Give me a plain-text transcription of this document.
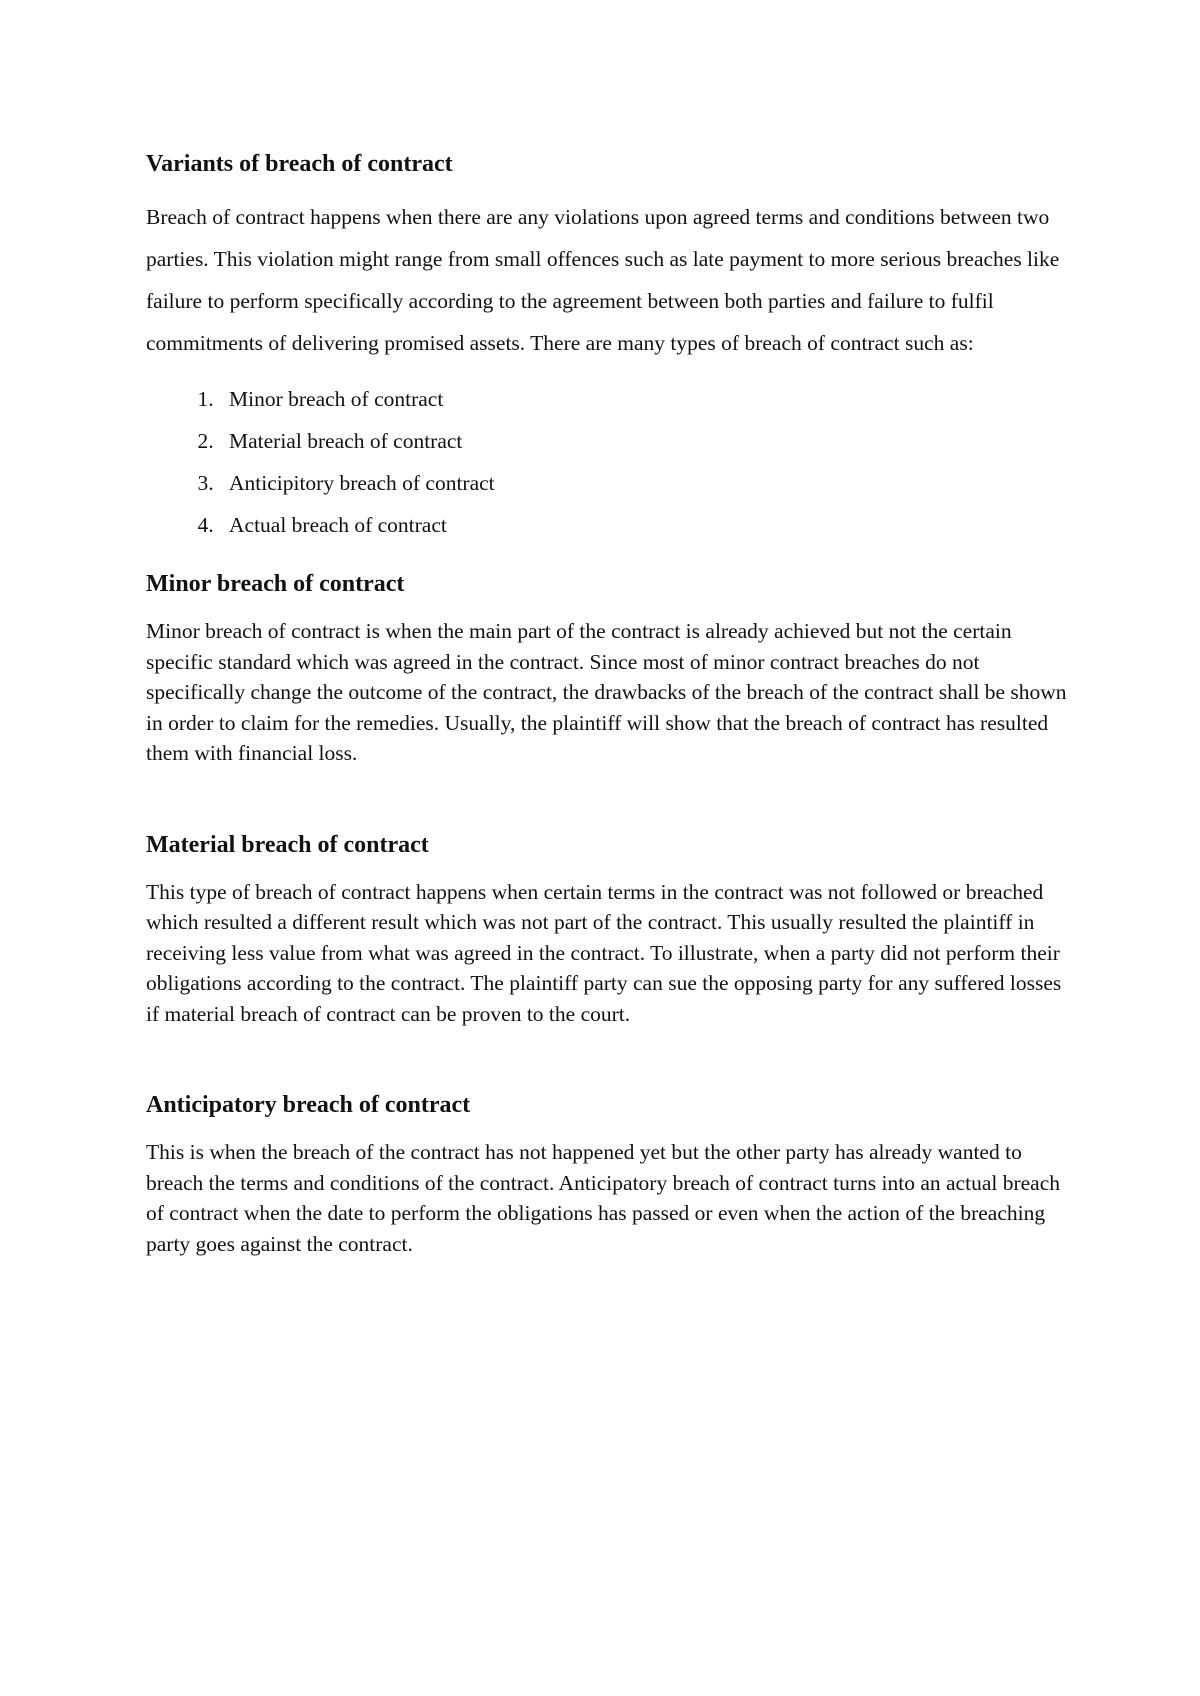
Variants of breach of contract

Breach of contract happens when there are any violations upon agreed terms and conditions between two parties. This violation might range from small offences such as late payment to more serious breaches like failure to perform specifically according to the agreement between both parties and failure to fulfil commitments of delivering promised assets. There are many types of breach of contract such as:

1. Minor breach of contract
2. Material breach of contract
3. Anticipitory breach of contract
4. Actual breach of contract
Minor breach of contract

Minor breach of contract is when the main part of the contract is already achieved but not the certain specific standard which was agreed in the contract. Since most of minor contract breaches do not specifically change the outcome of the contract, the drawbacks of the breach of the contract shall be shown in order to claim for the remedies. Usually, the plaintiff will show that the breach of contract has resulted them with financial loss.

Material breach of contract

This type of breach of contract happens when certain terms in the contract was not followed or breached which resulted a different result which was not part of the contract. This usually resulted the plaintiff in receiving less value from what was agreed in the contract. To illustrate, when a party did not perform their obligations according to the contract. The plaintiff party can sue the opposing party for any suffered losses if material breach of contract can be proven to the court.

Anticipatory breach of contract

This is when the breach of the contract has not happened yet but the other party has already wanted to breach the terms and conditions of the contract. Anticipatory breach of contract turns into an actual breach of contract when the date to perform the obligations has passed or even when the action of the breaching party goes against the contract.
